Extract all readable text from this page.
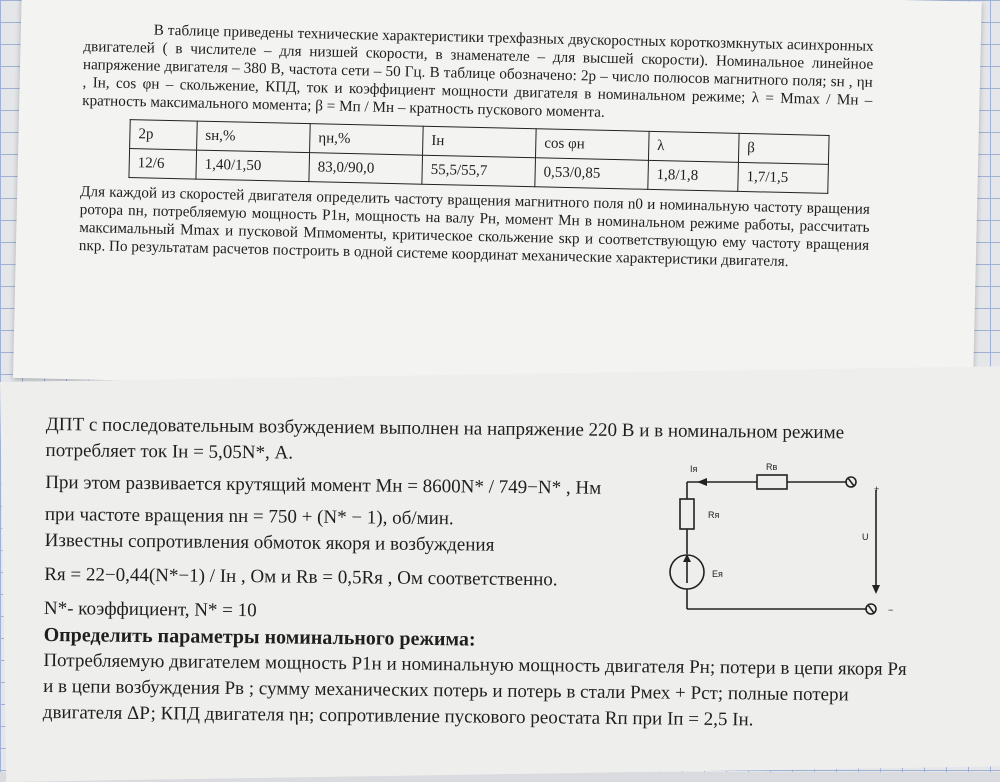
В таблице приведены технические характеристики трехфазных двускоростных короткозмкнутых асинхронных двигателей ( в числителе – для низшей скорости, в знаменателе – для высшей скорости). Номинальное линейное напряжение двигателя – 380 В, частота сети – 50 Гц. В таблице обозначено: 2р – число полюсов магнитного поля; sн , ηн , Iн, cos φн – скольжение, КПД, ток и коэффициент мощности двигателя в номинальном режиме; λ = Mmax / Mн – кратность максимального момента; β = Mп / Mн – кратность пускового момента.

2р	sн,%	ηн,%	Iн	cos φн	λ	β
12/6	1,40/1,50	83,0/90,0	55,5/55,7	0,53/0,85	1,8/1,8	1,7/1,5

Для каждой из скоростей двигателя определить частоту вращения магнитного поля n0 и номинальную частоту вращения ротора nн, потребляемую мощность P1н, мощность на валу Pн, момент Mн в номинальном режиме работы, рассчитать максимальный Mmax и пусковой Mпмоменты, критическое скольжение sкр и соответствующую ему частоту вращения nкр. По результатам расчетов построить в одной системе координат механические характеристики двигателя.

ДПТ с последовательным возбуждением выполнен на напряжение 220 В и в номинальном режиме
потребляет ток Iн = 5,05N*, А.
При этом развивается крутящий момент Mн = 8600N* / 749−N* , Нм
при частоте вращения nн = 750 + (N* − 1), об/мин.
Известны сопротивления обмоток якоря и возбуждения
Rя = 22−0,44(N*−1) / Iн , Ом и Rв = 0,5Rя , Ом соответственно.
N*- коэффициент, N* = 10
Определить параметры номинального режима:
Потребляемую двигателем мощность P1н и номинальную мощность двигателя Pн; потери в цепи якоря Pя
и в цепи возбуждения Pв ; сумму механических потерь и потерь в стали Pмех + Pст; полные потери
двигателя ΔР; КПД двигателя ηн; сопротивление пускового реостата Rп при Iп = 2,5 Iн.
Iя	Rв
Rя
Eя
U
+
−
